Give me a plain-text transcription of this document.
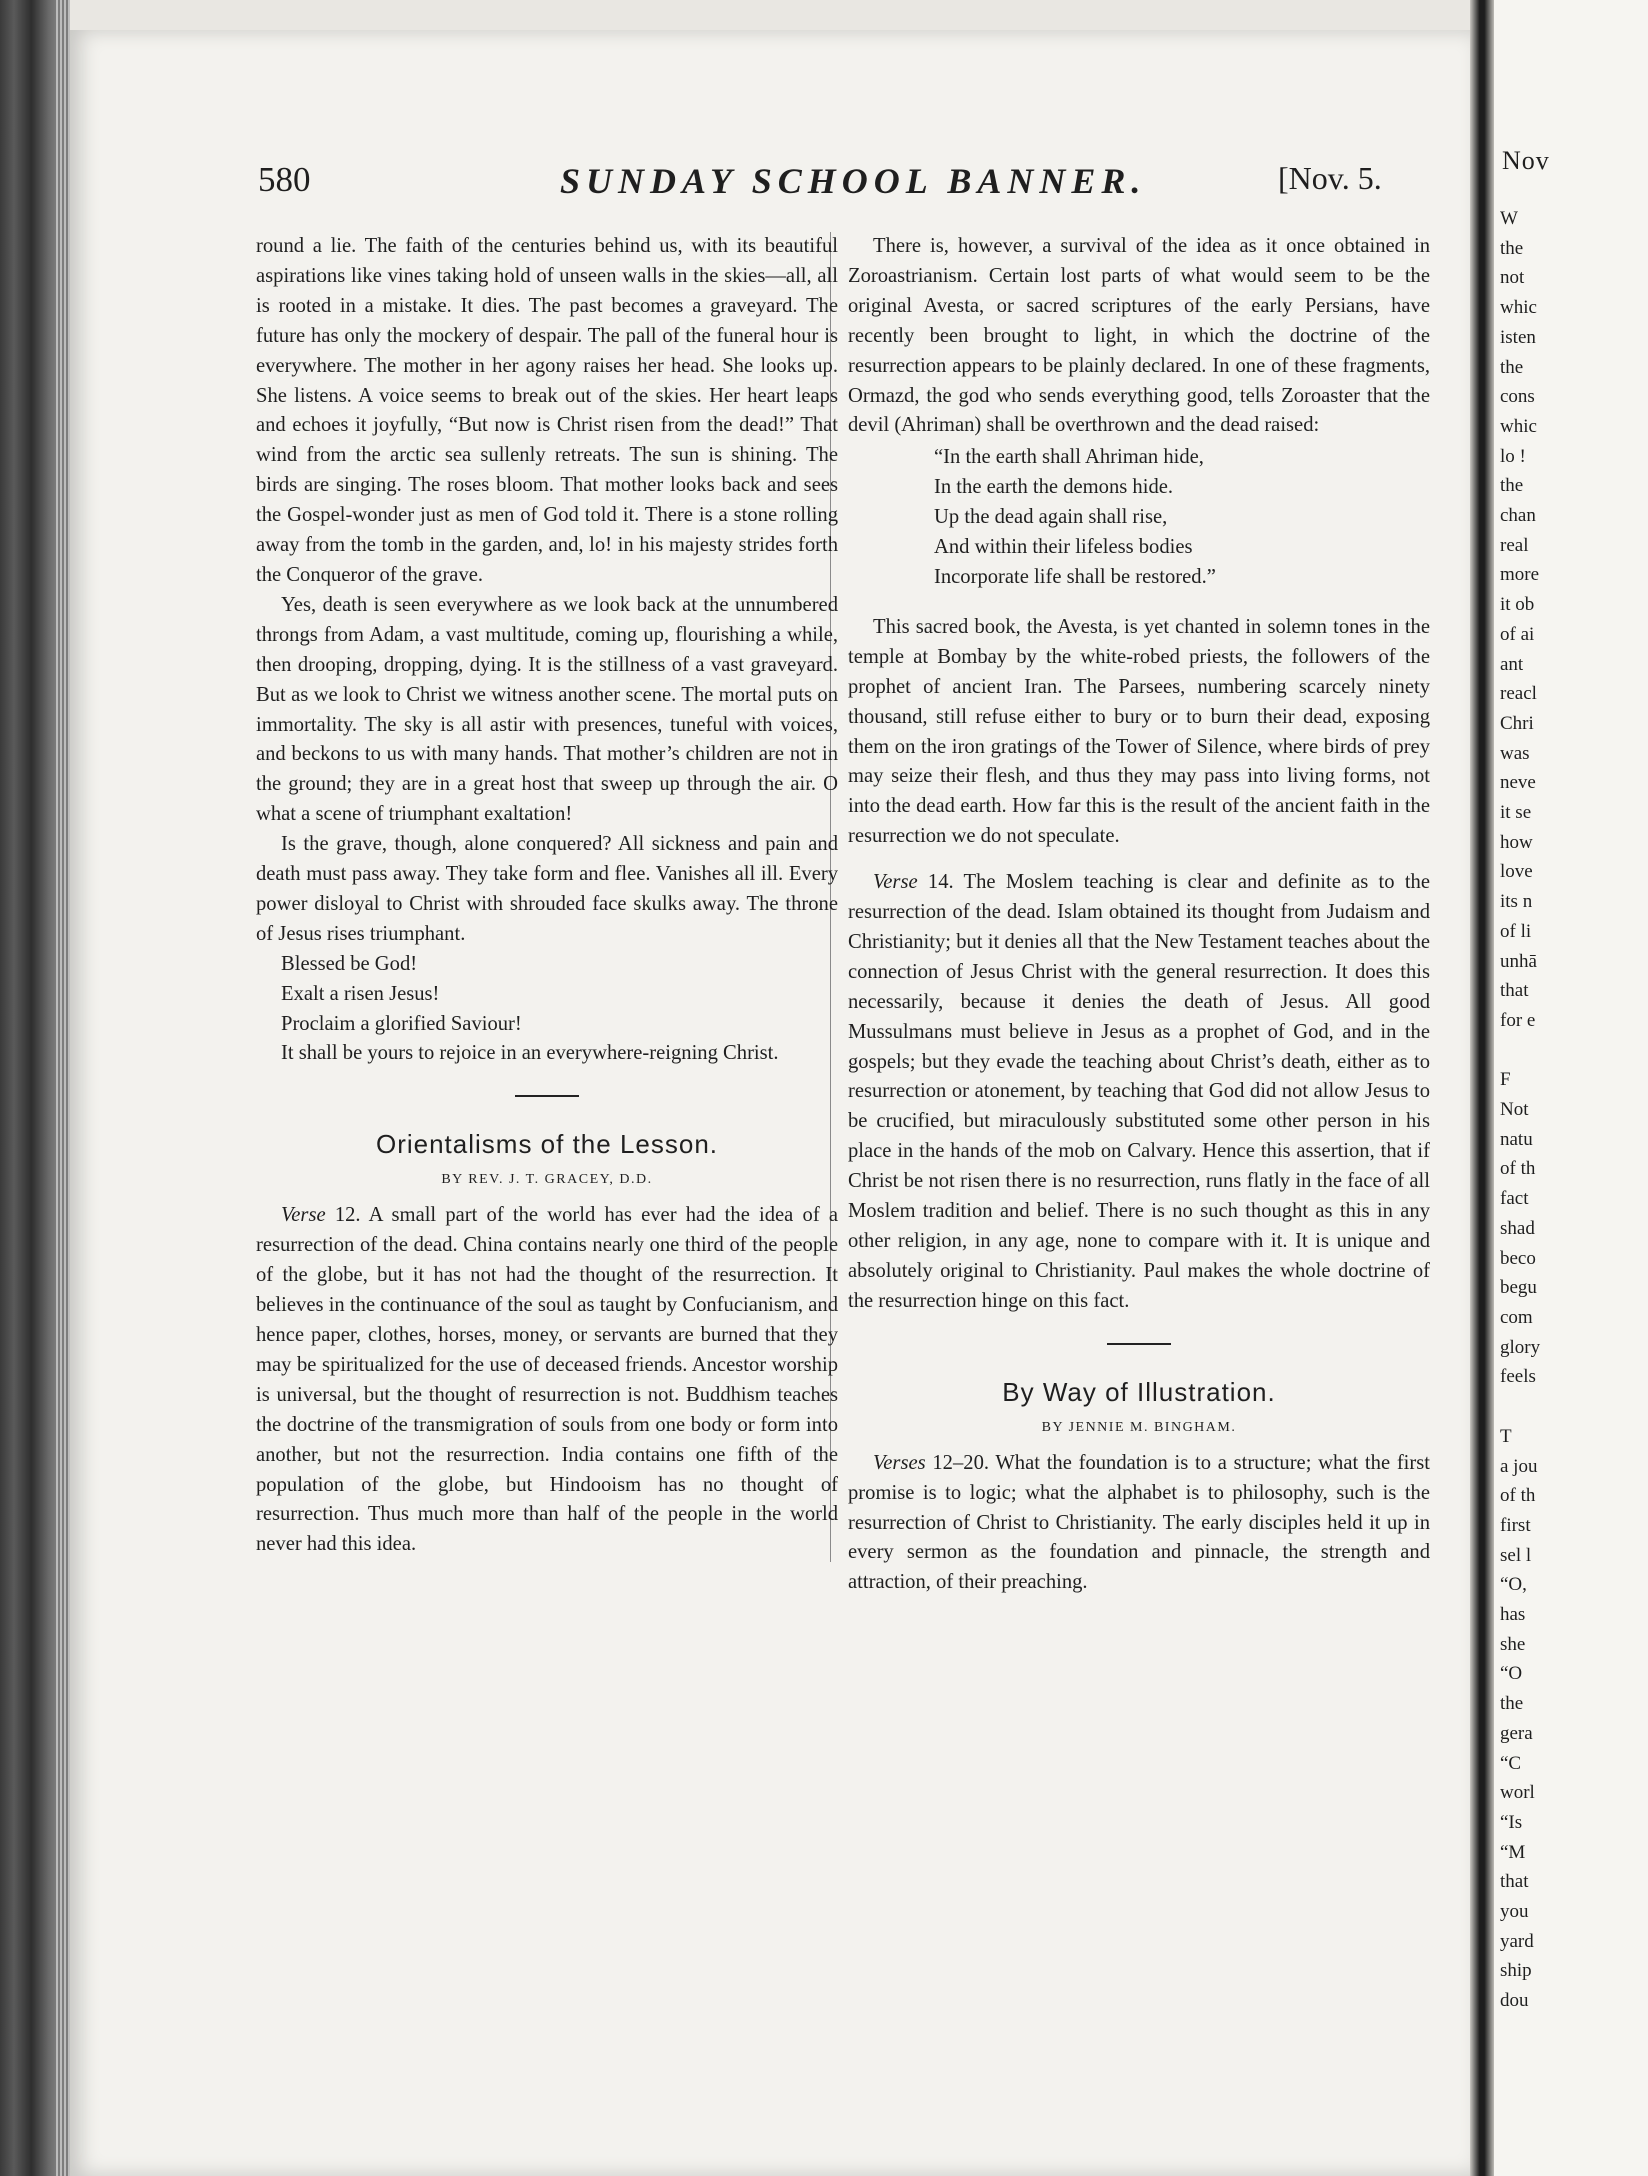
Nov
W
the
not
whic
isten
the
cons
whic
lo !
the
chan
real
more
it ob
of ai
ant
reacl
Chri
was
neve
it se
how
love
its n
of li
unhā
that
for e
F
Not
natu
of th
fact
shad
beco
begu
com
glory
feels
T
a jou
of th
first
sel l
“O,
has
she
“O
the
gera
“C
worl
“Is
“M
that
you
yard
ship
dou
580	SUNDAY SCHOOL BANNER.	[Nov. 5.

round a lie. The faith of the centuries behind us, with its beautiful aspirations like vines taking hold of unseen walls in the skies—all, all is rooted in a mistake. It dies. The past becomes a graveyard. The future has only the mockery of despair. The pall of the funeral hour is everywhere. The mother in her agony raises her head. She looks up. She listens. A voice seems to break out of the skies. Her heart leaps and echoes it joyfully, “But now is Christ risen from the dead!” That wind from the arctic sea sullenly retreats. The sun is shining. The birds are singing. The roses bloom. That mother looks back and sees the Gospel-wonder just as men of God told it. There is a stone rolling away from the tomb in the garden, and, lo! in his majesty strides forth the Conqueror of the grave.

Yes, death is seen everywhere as we look back at the unnumbered throngs from Adam, a vast multitude, coming up, flourishing a while, then drooping, dropping, dying. It is the stillness of a vast graveyard. But as we look to Christ we witness another scene. The mortal puts on immortality. The sky is all astir with presences, tuneful with voices, and beckons to us with many hands. That mother’s children are not in the ground; they are in a great host that sweep up through the air. O what a scene of triumphant exaltation!

Is the grave, though, alone conquered? All sickness and pain and death must pass away. They take form and flee. Vanishes all ill. Every power disloyal to Christ with shrouded face skulks away. The throne of Jesus rises triumphant.

Blessed be God!

Exalt a risen Jesus!

Proclaim a glorified Saviour!

It shall be yours to rejoice in an everywhere-reigning Christ.

Orientalisms of the Lesson.
BY REV. J. T. GRACEY, D.D.

Verse 12. A small part of the world has ever had the idea of a resurrection of the dead. China contains nearly one third of the people of the globe, but it has not had the thought of the resurrection. It believes in the continuance of the soul as taught by Confucianism, and hence paper, clothes, horses, money, or servants are burned that they may be spiritualized for the use of deceased friends. Ancestor worship is universal, but the thought of resurrection is not. Buddhism teaches the doctrine of the transmigration of souls from one body or form into another, but not the resurrection. India contains one fifth of the population of the globe, but Hindooism has no thought of resurrection. Thus much more than half of the people in the world never had this idea.

There is, however, a survival of the idea as it once obtained in Zoroastrianism. Certain lost parts of what would seem to be the original Avesta, or sacred scriptures of the early Persians, have recently been brought to light, in which the doctrine of the resurrection appears to be plainly declared. In one of these fragments, Ormazd, the god who sends everything good, tells Zoroaster that the devil (Ahriman) shall be overthrown and the dead raised:

“In the earth shall Ahriman hide,
In the earth the demons hide.
Up the dead again shall rise,
And within their lifeless bodies
Incorporate life shall be restored.”

This sacred book, the Avesta, is yet chanted in solemn tones in the temple at Bombay by the white-robed priests, the followers of the prophet of ancient Iran. The Parsees, numbering scarcely ninety thousand, still refuse either to bury or to burn their dead, exposing them on the iron gratings of the Tower of Silence, where birds of prey may seize their flesh, and thus they may pass into living forms, not into the dead earth. How far this is the result of the ancient faith in the resurrection we do not speculate.

Verse 14. The Moslem teaching is clear and definite as to the resurrection of the dead. Islam obtained its thought from Judaism and Christianity; but it denies all that the New Testament teaches about the connection of Jesus Christ with the general resurrection. It does this necessarily, because it denies the death of Jesus. All good Mussulmans must believe in Jesus as a prophet of God, and in the gospels; but they evade the teaching about Christ’s death, either as to resurrection or atonement, by teaching that God did not allow Jesus to be crucified, but miraculously substituted some other person in his place in the hands of the mob on Calvary. Hence this assertion, that if Christ be not risen there is no resurrection, runs flatly in the face of all Moslem tradition and belief. There is no such thought as this in any other religion, in any age, none to compare with it. It is unique and absolutely original to Christianity. Paul makes the whole doctrine of the resurrection hinge on this fact.

By Way of Illustration.
BY JENNIE M. BINGHAM.

Verses 12–20. What the foundation is to a structure; what the first promise is to logic; what the alphabet is to philosophy, such is the resurrection of Christ to Christianity. The early disciples held it up in every sermon as the foundation and pinnacle, the strength and attraction, of their preaching.
